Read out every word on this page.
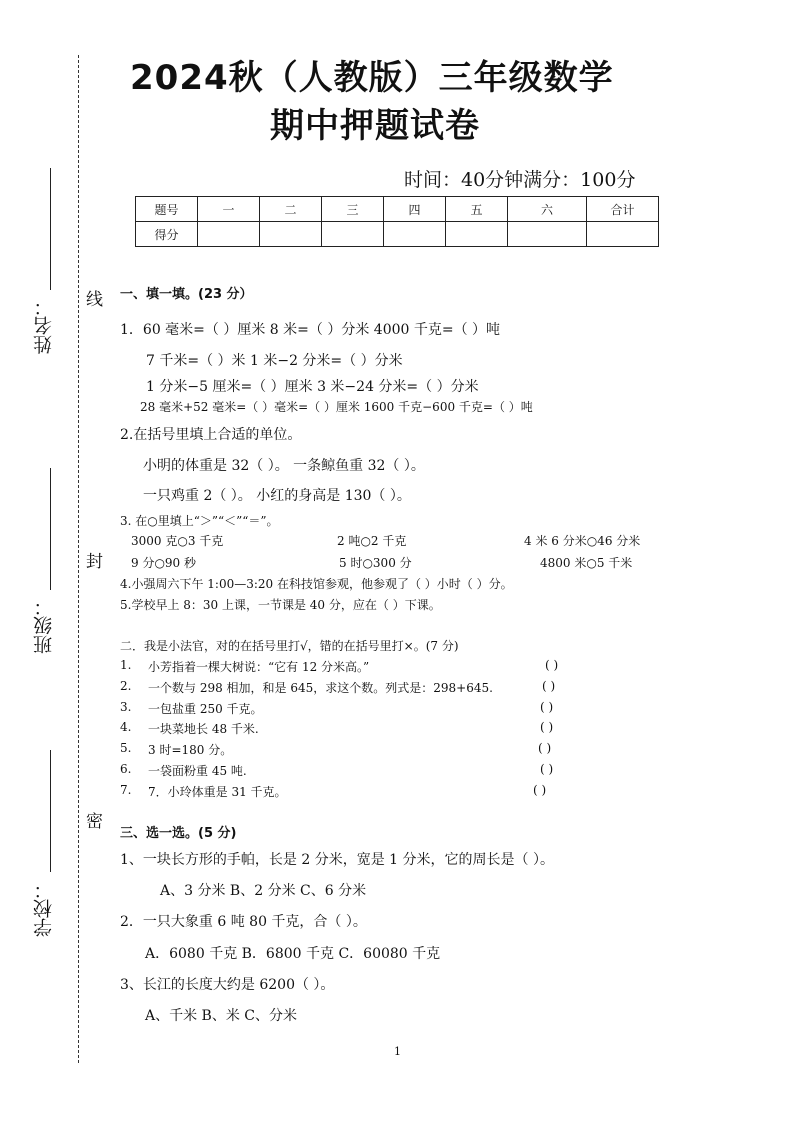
姓名：
班级：
学校：
线
封
密
2024秋（人教版）三年级数学
期中押题试卷
时间：40分钟满分：100分
题号	一	二	三	四	五	六	合计
得分							
一、填一填。(23 分）
1．60 毫米=（ ）厘米 8 米=（ ）分米 4000 千克=（ ）吨
7 千米=（ ）米 1 米−2 分米=（ ）分米
1 分米−5 厘米=（ ）厘米 3 米−24 分米=（ ）分米
28 毫米+52 毫米=（ ）毫米=（ ）厘米 1600 千克−600 千克=（ ）吨
2.在括号里填上合适的单位。
小明的体重是 32（ ）。 一条鲸鱼重 32（ ）。
一只鸡重 2（ ）。 小红的身高是 130（ ）。
3. 在○里填上“＞”“＜”“＝”。
3000 克○3 千克	2 吨○2 千克	4 米 6 分米○46 分米
9 分○90 秒	5 时○300 分	4800 米○5 千米
4.小强周六下午 1:00—3:20 在科技馆参观，他参观了（ ）小时（ ）分。
5.学校早上 8：30 上课，一节课是 40 分，应在（ ）下课。
二．我是小法官，对的在括号里打√，错的在括号里打×。(7 分)
1. 小芳指着一棵大树说：“它有 12 分米高。”	( )
2. 一个数与 298 相加，和是 645，求这个数。列式是：298+645.	( )
3. 一包盐重 250 千克。	( )
4. 一块菜地长 48 千米.	( )
5. 3 时=180 分。	( )
6. 一袋面粉重 45 吨.	( )
7. 7．小玲体重是 31 千克。	( )
三、选一选。(5 分)
1、一块长方形的手帕，长是 2 分米，宽是 1 分米，它的周长是（ ）。
A、3 分米 B、2 分米 C、6 分米
2．一只大象重 6 吨 80 千克，合（ ）。
A．6080 千克 B．6800 千克 C．60080 千克
3、长江的长度大约是 6200（ ）。
A、千米 B、米 C、分米
1
